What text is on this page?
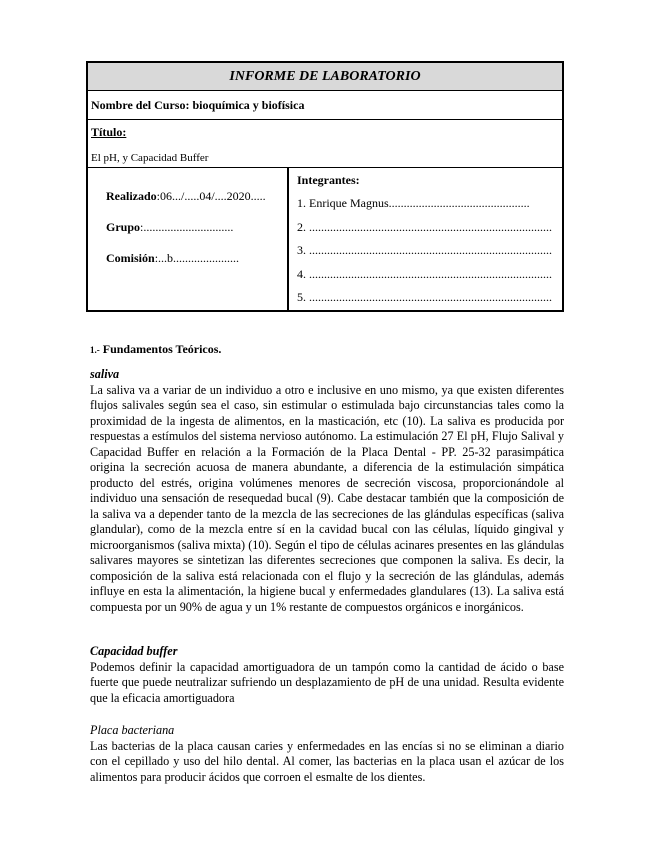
INFORME DE LABORATORIO
Nombre del Curso: bioquímica y biofísica
Título:
El pH, y Capacidad Buffer
Realizado:06.../.....04/....2020.....
Grupo:..............................
Comisión:...b......................
Integrantes:
1. Enrique Magnus...............................................
2. .................................................................................
3. .................................................................................
4. .................................................................................
5. .................................................................................
1.- Fundamentos Teóricos.
saliva

La saliva va a variar de un individuo a otro e inclusive en uno mismo, ya que existen diferentes flujos salivales según sea el caso, sin estimular o estimulada bajo circunstancias tales como la proximidad de la ingesta de alimentos, en la masticación, etc (10). La saliva es producida por respuestas a estímulos del sistema nervioso autónomo. La estimulación 27 El pH, Flujo Salival y Capacidad Buffer en relación a la Formación de la Placa Dental - PP. 25-32 parasimpática origina la secreción acuosa de manera abundante, a diferencia de la estimulación simpática producto del estrés, origina volúmenes menores de secreción viscosa, proporcionándole al individuo una sensación de resequedad bucal (9). Cabe destacar también que la composición de la saliva va a depender tanto de la mezcla de las secreciones de las glándulas específicas (saliva glandular), como de la mezcla entre sí en la cavidad bucal con las células, líquido gingival y microorganismos (saliva mixta) (10). Según el tipo de células acinares presentes en las glándulas salivares mayores se sintetizan las diferentes secreciones que componen la saliva. Es decir, la composición de la saliva está relacionada con el flujo y la secreción de las glándulas, además influye en esta la alimentación, la higiene bucal y enfermedades glandulares (13). La saliva está compuesta por un 90% de agua y un 1% restante de compuestos orgánicos e inorgánicos.

Capacidad buffer

Podemos definir la capacidad amortiguadora de un tampón como la cantidad de ácido o base fuerte que puede neutralizar sufriendo un desplazamiento de pH de una unidad. Resulta evidente que la eficacia amortiguadora

Placa bacteriana

Las bacterias de la placa causan caries y enfermedades en las encías si no se eliminan a diario con el cepillado y uso del hilo dental. Al comer, las bacterias en la placa usan el azúcar de los alimentos para producir ácidos que corroen el esmalte de los dientes.
